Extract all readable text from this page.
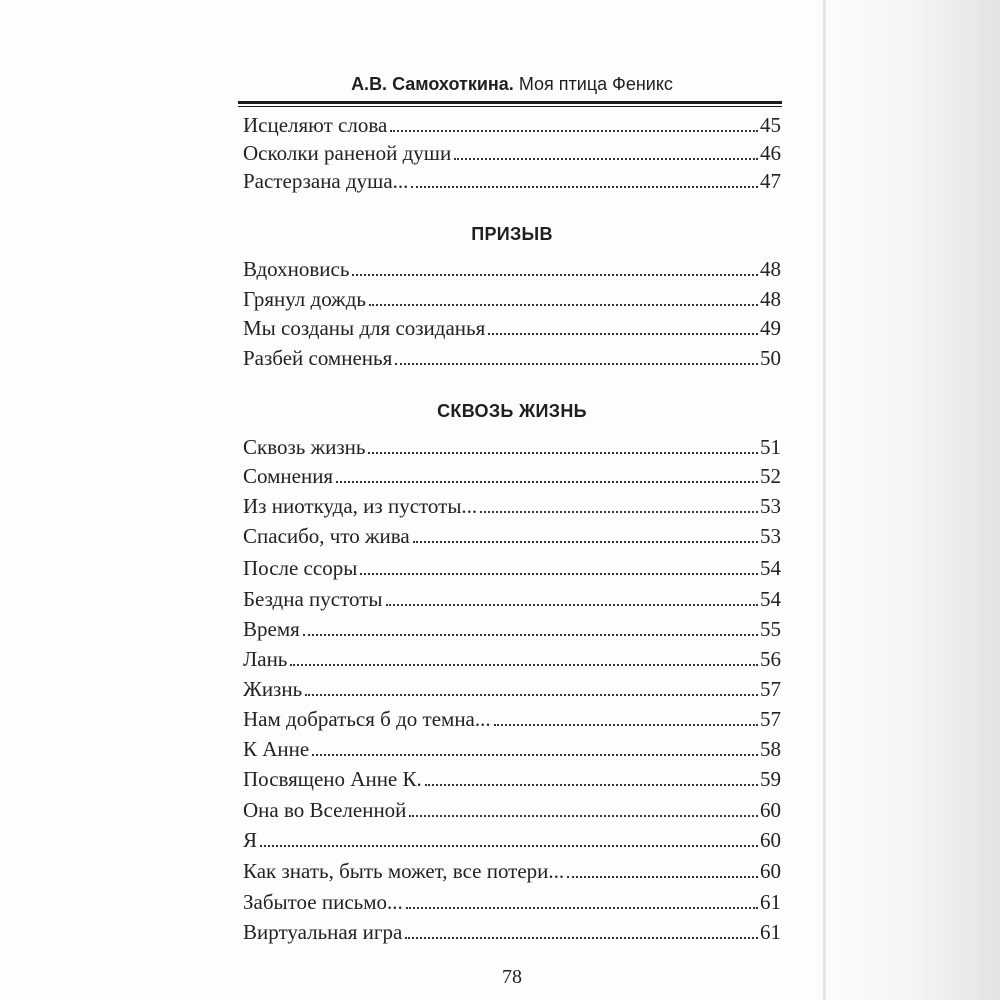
А.В. Самохоткина. Моя птица Феникс
Исцеляют слова	45
Осколки раненой души	46
Растерзана душа...	47
ПРИЗЫВ
Вдохновись	48
Грянул дождь	48
Мы созданы для созиданья	49
Разбей сомненья	50
СКВОЗЬ ЖИЗНЬ
Сквозь жизнь	51
Сомнения	52
Из ниоткуда, из пустоты...	53
Спасибо, что жива	53
После ссоры	54
Бездна пустоты	54
Время	55
Лань	56
Жизнь	57
Нам добраться б до темна...	57
К Анне	58
Посвящено Анне К.	59
Она во Вселенной	60
Я	60
Как знать, быть может, все потери...	60
Забытое письмо...	61
Виртуальная игра	61
78
